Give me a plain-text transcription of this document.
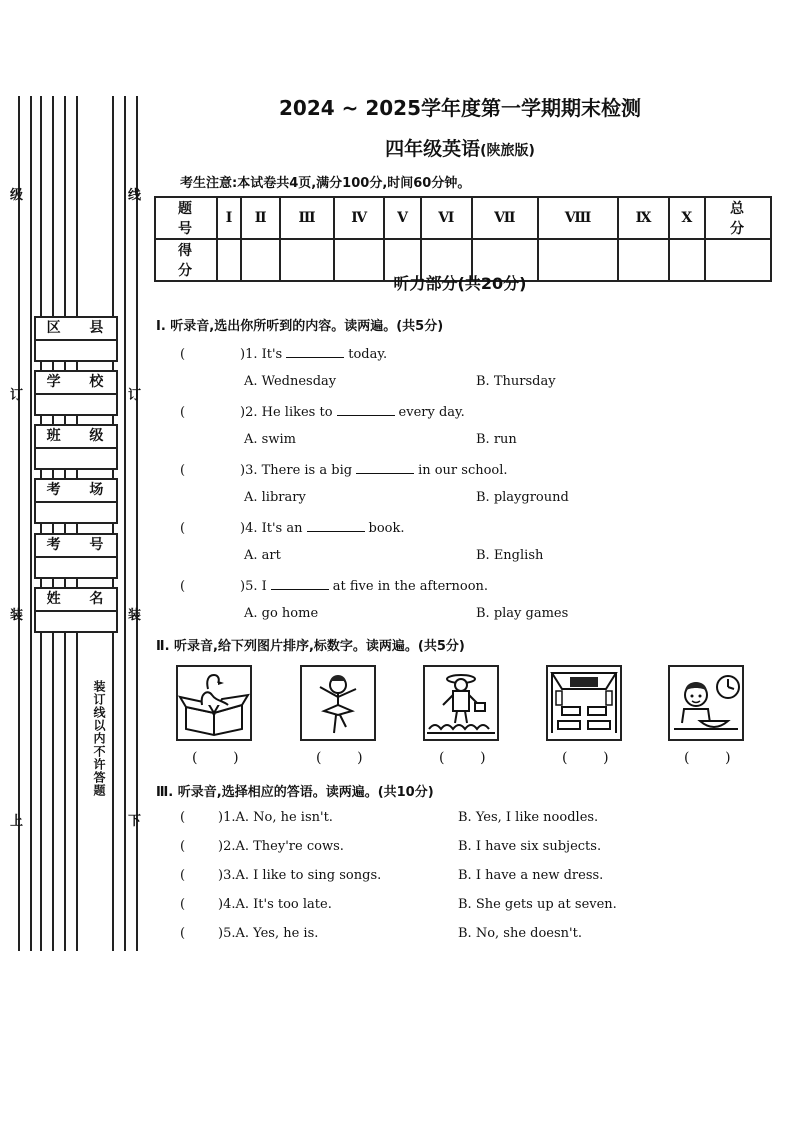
级
订
装
上
线
订
装
下
区 县
学 校
班 级
考 场
考 号
姓 名
装订线以内不许答题
2024 ~ 2025学年度第一学期期末检测
四年级英语(陕旅版)
考生注意:本试卷共4页,满分100分,时间60分钟。
题 号	Ⅰ	Ⅱ	Ⅲ	Ⅳ	Ⅴ	Ⅵ	Ⅶ	Ⅷ	Ⅸ	Ⅹ	总 分
得 分											
听力部分(共20分)
Ⅰ. 听录音,选出你所听到的内容。读两遍。(共5分)
(	)1. It's	today.
A. Wednesday	B. Thursday
(	)2. He likes to	every day.
A. swim	B. run
(	)3. There is a big	in our school.
A. library	B. playground
(	)4. It's an	book.
A. art	B. English
(	)5. I	at five in the afternoon.
A. go home	B. play games
Ⅱ. 听录音,给下列图片排序,标数字。读两遍。(共5分)
(        )	(        )	(        )	(        )	(        )
Ⅲ. 听录音,选择相应的答语。读两遍。(共10分)
(	)1.A. No, he isn't.	B. Yes, I like noodles.
(	)2.A. They're cows.	B. I have six subjects.
(	)3.A. I like to sing songs.	B. I have a new dress.
(	)4.A. It's too late.	B. She gets up at seven.
(	)5.A. Yes, he is.	B. No, she doesn't.
